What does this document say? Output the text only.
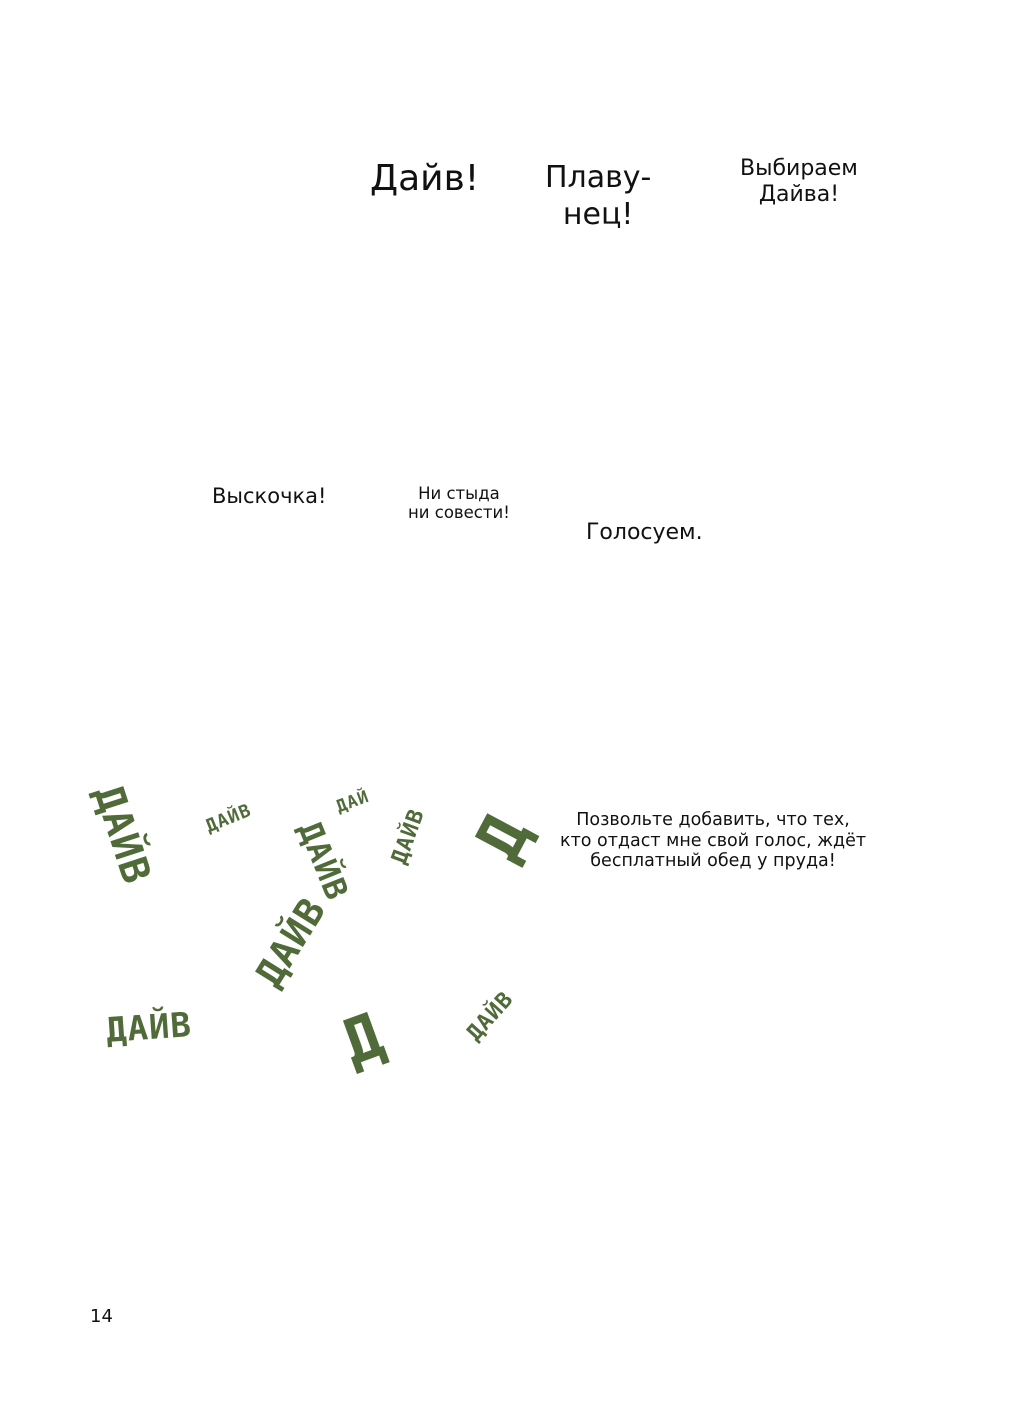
Дайв! Плаву-
нец!
Выбираем
Дайва!
Выскочка!	Ни стыда
ни совести!
Голосуем.
Позвольте добавить, что тех,
кто отдаст мне свой голос, ждёт
бесплатный обед у пруда!
ДАЙВ ДАЙВ	ДАЙ
ДАЙВ ДАЙВ Д
ДАЙВ
ДАЙВ Д	ДАЙВ
14
